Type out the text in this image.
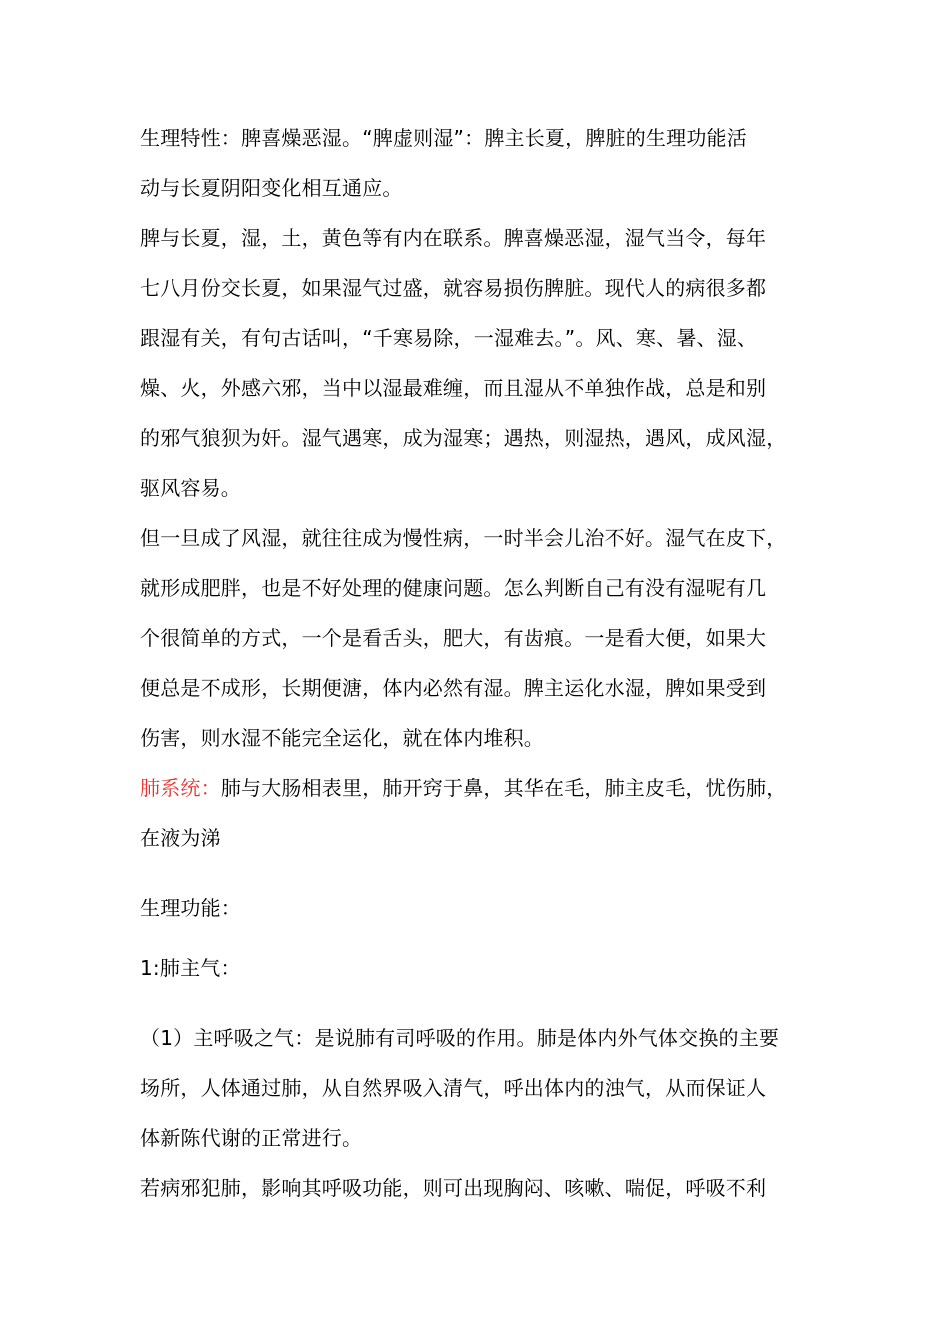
生理特性：脾喜燥恶湿。“脾虚则湿”：脾主长夏，脾脏的生理功能活
动与长夏阴阳变化相互通应。
脾与长夏，湿，土，黄色等有内在联系。脾喜燥恶湿，湿气当令，每年
七八月份交长夏，如果湿气过盛，就容易损伤脾脏。现代人的病很多都
跟湿有关，有句古话叫，“千寒易除，一湿难去。”。风、寒、暑、湿、
燥、火，外感六邪，当中以湿最难缠，而且湿从不单独作战，总是和别
的邪气狼狈为奸。湿气遇寒，成为湿寒；遇热，则湿热，遇风，成风湿，
驱风容易。
但一旦成了风湿，就往往成为慢性病，一时半会儿治不好。湿气在皮下，
就形成肥胖，也是不好处理的健康问题。怎么判断自己有没有湿呢有几
个很简单的方式，一个是看舌头，肥大，有齿痕。一是看大便，如果大
便总是不成形，长期便溏，体内必然有湿。脾主运化水湿，脾如果受到
伤害，则水湿不能完全运化，就在体内堆积。
肺系统：肺与大肠相表里，肺开窍于鼻，其华在毛，肺主皮毛，忧伤肺，
在液为涕
生理功能：
1:肺主气：
（1）主呼吸之气：是说肺有司呼吸的作用。肺是体内外气体交换的主要
场所，人体通过肺，从自然界吸入清气，呼出体内的浊气，从而保证人
体新陈代谢的正常进行。
若病邪犯肺，影响其呼吸功能，则可出现胸闷、咳嗽、喘促，呼吸不利
